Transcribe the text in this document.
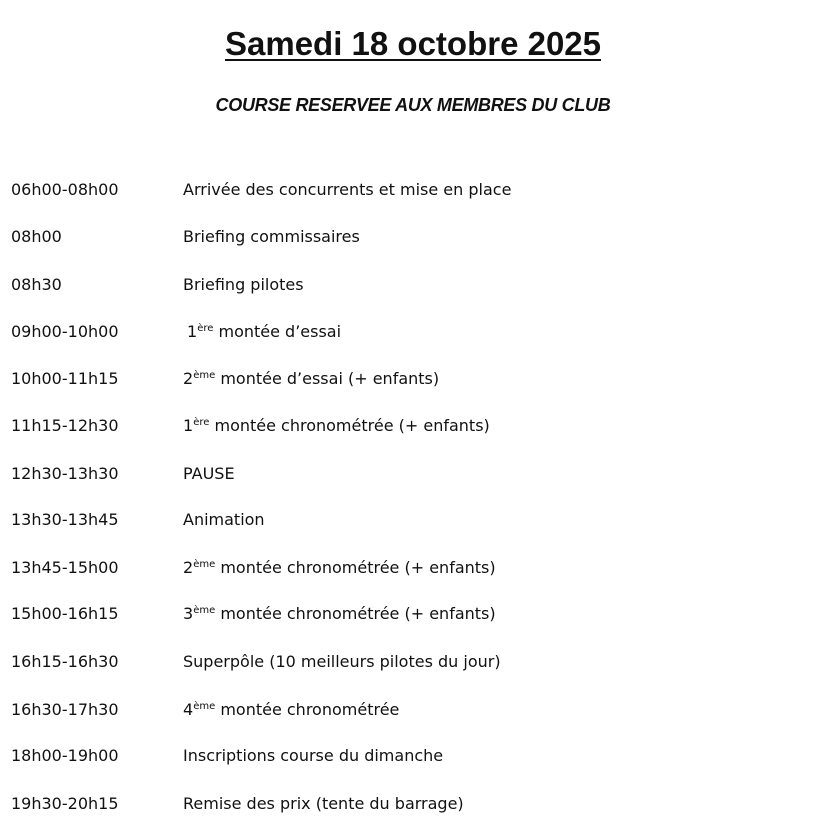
Samedi 18 octobre 2025
COURSE RESERVEE AUX MEMBRES DU CLUB
06h00-08h00	Arrivée des concurrents et mise en place
08h00	Briefing commissaires
08h30	Briefing pilotes
09h00-10h00	1ère montée d’essai
10h00-11h15	2ème montée d’essai (+ enfants)
11h15-12h30	1ère montée chronométrée (+ enfants)
12h30-13h30	PAUSE
13h30-13h45	Animation
13h45-15h00	2ème montée chronométrée (+ enfants)
15h00-16h15	3ème montée chronométrée (+ enfants)
16h15-16h30	Superpôle (10 meilleurs pilotes du jour)
16h30-17h30	4ème montée chronométrée
18h00-19h00	Inscriptions course du dimanche
19h30-20h15	Remise des prix (tente du barrage)
